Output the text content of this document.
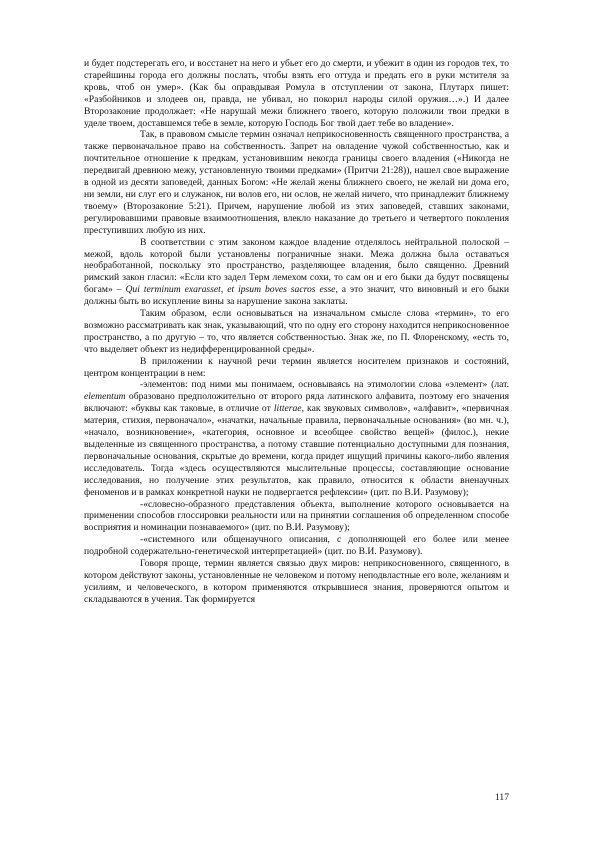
и будет подстерегать его, и восстанет на него и убьет его до смерти, и убежит в один из городов тех, то старейшины города его должны послать, чтобы взять его оттуда и предать его в руки мстителя за кровь, чтоб он умер». (Как бы оправдывая Ромула в отступлении от закона, Плутарх пишет: «Разбойников и злодеев он, правда, не убивал, но покорил народы силой оружия…».) И далее Второзаконие продолжает: «Не нарушай межи ближнего твоего, которую положили твои предки в уделе твоем, доставшемся тебе в земле, которую Господь Бог твой дает тебе во владение».

Так, в правовом смысле термин означал неприкосновенность священного пространства, а также первоначальное право на собственность. Запрет на овладение чужой собственностью, как и почтительное отношение к предкам, установившим некогда границы своего владения («Никогда не передвигай древнюю межу, установленную твоими предками» (Притчи 21:28)), нашел свое выражение в одной из десяти заповедей, данных Богом: «Не желай жены ближнего своего, не желай ни дома его, ни земли, ни слуг его и служанок, ни волов его, ни ослов, не желай ничего, что принадлежит ближнему твоему» (Второзаконие 5:21). Причем, нарушение любой из этих заповедей, ставших законами, регулировавшими правовые взаимоотношения, влекло наказание до третьего и четвертого поколения преступивших любую из них.

В соответствии с этим законом каждое владение отделялось нейтральной полоской – межой, вдоль которой были установлены пограничные знаки. Межа должна была оставаться необработанной, поскольку это пространство, разделяющее владения, было священно. Древний римский закон гласил: «Если кто задел Терм лемехом сохи, то сам он и его быки да будут посвящены богам» – Qui terminum exarasset, et ipsum boves sacros esse, а это значит, что виновный и его быки должны быть во искупление вины за нарушение закона заклаты.

Таким образом, если основываться на изначальном смысле слова «термин», то его возможно рассматривать как знак, указывающий, что по одну его сторону находится неприкосновенное пространство, а по другую – то, что является собственностью. Знак же, по П. Флоренскому, «есть то, что выделяет объект из недифференцированной среды».

В приложении к научной речи термин является носителем признаков и состояний, центром концентрации в нем:

-элементов: под ними мы понимаем, основываясь на этимологии слова «элемент» (лат. elementum образовано предположительно от второго ряда латинского алфавита, поэтому его значения включают: «буквы как таковые, в отличие от litterae, как звуковых символов», «алфавит», «первичная материя, стихия, первоначало», «начатки, начальные правила, первоначальные основания» (во мн. ч.), «начало, возникновение», «категория, основное и всеобщее свойство вещей» (филос.), некие выделенные из священного пространства, а потому ставшие потенциально доступными для познания, первоначальные основания, скрытые до времени, когда придет ищущий причины какого-либо явления исследователь. Тогда «здесь осуществляются мыслительные процессы, составляющие основание исследования, но получение этих результатов, как правило, относится к области вненаучных феноменов и в рамках конкретной науки не подвергается рефлексии» (цит. по В.И. Разумову);

-«словесно-образного представления объекта, выполнение которого основывается на применении способов глоссировки реальности или на принятии соглашения об определенном способе восприятия и номинации познаваемого» (цит. по В.И. Разумову);

-«системного или общенаучного описания, с дополняющей его более или менее подробной содержательно-генетической интерпретацией» (цит. по В.И. Разумову).

Говоря проще, термин является связью двух миров: неприкосновенного, священного, в котором действуют законы, установленные не человеком и потому неподвластные его воле, желаниям и усилиям, и человеческого, в котором применяются открывшиеся знания, проверяются опытом и складываются в учения. Так формируется

117
